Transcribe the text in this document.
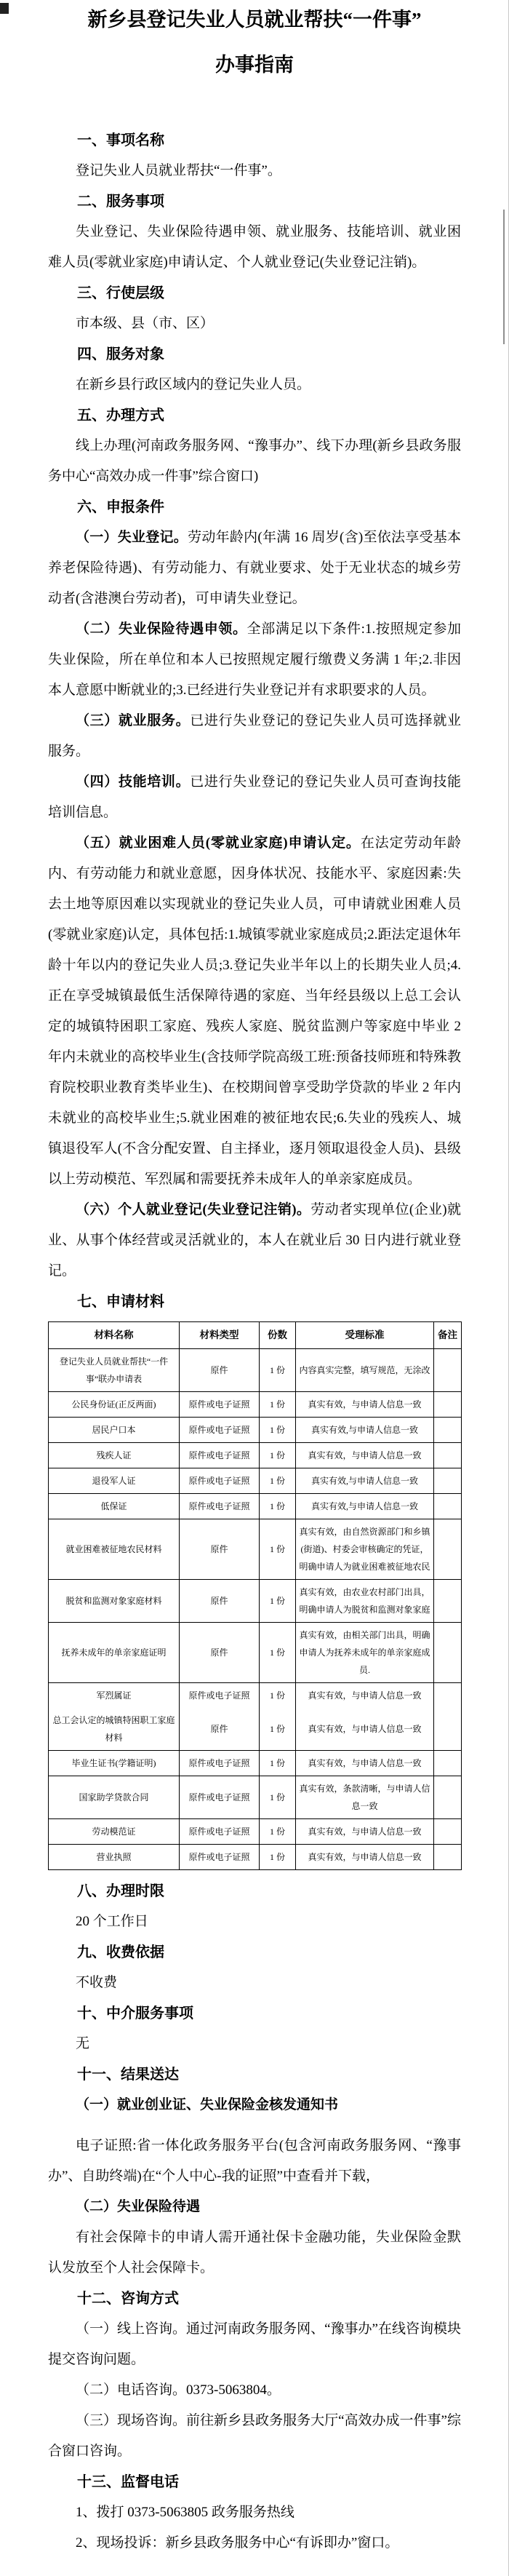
新乡县登记失业人员就业帮扶“一件事”
办事指南

一、事项名称

登记失业人员就业帮扶“一件事”。

二、服务事项

失业登记、失业保险待遇申领、就业服务、技能培训、就业困难人员(零就业家庭)申请认定、个人就业登记(失业登记注销)。

三、行使层级

市本级、县（市、区）

四、服务对象

在新乡县行政区域内的登记失业人员。

五、办理方式

线上办理(河南政务服务网、“豫事办”、线下办理(新乡县政务服务中心“高效办成一件事”综合窗口)

六、申报条件

（一）失业登记。劳动年龄内(年满 16 周岁(含)至依法享受基本养老保险待遇)、有劳动能力、有就业要求、处于无业状态的城乡劳动者(含港澳台劳动者)，可申请失业登记。

（二）失业保险待遇申领。全部满足以下条件:1.按照规定参加失业保险，所在单位和本人已按照规定履行缴费义务满 1 年;2.非因本人意愿中断就业的;3.已经进行失业登记并有求职要求的人员。

（三）就业服务。已进行失业登记的登记失业人员可选择就业服务。

（四）技能培训。已进行失业登记的登记失业人员可查询技能培训信息。

（五）就业困难人员(零就业家庭)申请认定。在法定劳动年龄内、有劳动能力和就业意愿，因身体状况、技能水平、家庭因素:失去土地等原因难以实现就业的登记失业人员，可申请就业困难人员(零就业家庭)认定，具体包括:1.城镇零就业家庭成员;2.距法定退休年龄十年以内的登记失业人员;3.登记失业半年以上的长期失业人员;4.正在享受城镇最低生活保障待遇的家庭、当年经县级以上总工会认定的城镇特困职工家庭、残疾人家庭、脱贫监测户等家庭中毕业 2 年内未就业的高校毕业生(含技师学院高级工班:预备技师班和特殊教育院校职业教育类毕业生)、在校期间曾享受助学贷款的毕业 2 年内未就业的高校毕业生;5.就业困难的被征地农民;6.失业的残疾人、城镇退役军人(不含分配安置、自主择业，逐月领取退役金人员)、县级以上劳动模范、军烈属和需要抚养未成年人的单亲家庭成员。

（六）个人就业登记(失业登记注销)。劳动者实现单位(企业)就业、从事个体经营或灵活就业的，本人在就业后 30 日内进行就业登记。

七、申请材料

材料名称	材料类型	份数	受理标准	备注
登记失业人员就业帮扶“一件事”联办申请表	原件	1 份	内容真实完整，填写规范，无涂改	
公民身份证(正反两面)	原件或电子证照	1 份	真实有效，与申请人信息一致	
居民户口本	原件或电子证照	1 份	真实有效,与申请人信息一致	
残疾人证	原件或电子证照	1 份	真实有效，与申请人信息一致	
退役军人证	原件或电子证照	1 份	真实有效,与申请人信息一致	
低保证	原件或电子证照	1 份	真实有效,与申请人信息一致	
就业困难被征地农民材料	原件	1 份	真实有效，由自然资源部门和乡镇(街道)、村委会审核确定的凭证，明确申请人为就业困难被征地农民	
脱贫和监测对象家庭材料	原件	1 份	真实有效，由农业农村部门出具，明确申请人为脱贫和监测对象家庭	
抚养未成年的单亲家庭证明	原件	1 份	真实有效，由相关部门出具，明确申请人为抚养未成年的单亲家庭成员.	
军烈属证	原件或电子证照	1 份	真实有效，与申请人信息一致	
总工会认定的城镇特困职工家庭材料	原件	1 份	真实有效，与申请人信息一致	
毕业生证书(学籍证明)	原件或电子证照	1 份	真实有效，与申请人信息一致	
国家助学贷款合同	原件或电子证照	1 份	真实有效，条款清晰，与申请人信息一致	
劳动模范证	原件或电子证照	1 份	真实有效，与申请人信息一致	
营业执照	原件或电子证照	1 份	真实有效，与申请人信息一致	

八、办理时限

20 个工作日

九、收费依据

不收费

十、中介服务事项

无

十一、结果送达

（一）就业创业证、失业保险金核发通知书

电子证照:省一体化政务服务平台(包含河南政务服务网、“豫事办”、自助终端)在“个人中心-我的证照”中查看并下载，

（二）失业保险待遇

有社会保障卡的申请人需开通社保卡金融功能，失业保险金默认发放至个人社会保障卡。

十二、咨询方式

（一）线上咨询。通过河南政务服务网、“豫事办”在线咨询模块提交咨询问题。

（二）电话咨询。0373-5063804。

（三）现场咨询。前往新乡县政务服务大厅“高效办成一件事”综合窗口咨询。

十三、监督电话

1、拨打 0373-5063805 政务服务热线

2、现场投诉：新乡县政务服务中心“有诉即办”窗口。
